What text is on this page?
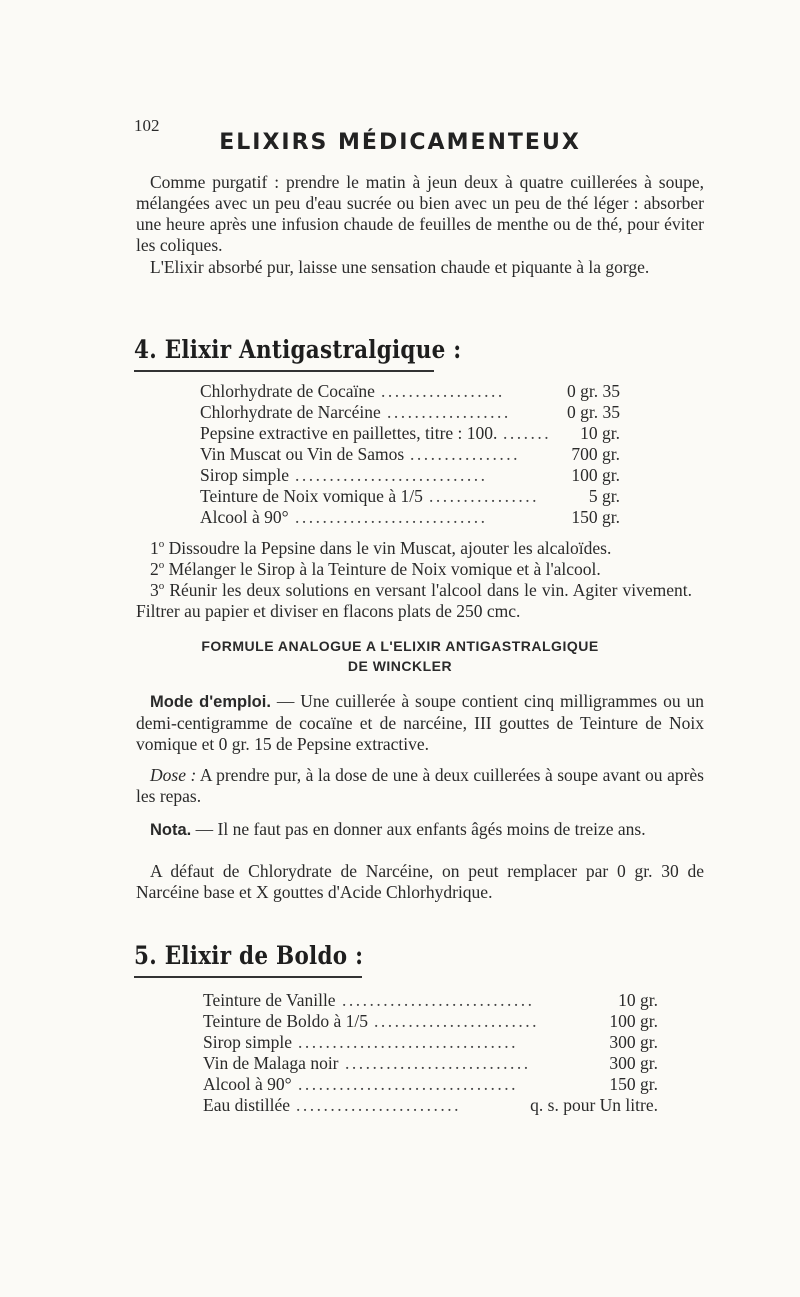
102
ELIXIRS MÉDICAMENTEUX

Comme purgatif : prendre le matin à jeun deux à quatre cuillerées à soupe, mélangées avec un peu d'eau sucrée ou bien avec un peu de thé léger : absorber une heure après une infusion chaude de feuilles de menthe ou de thé, pour éviter les coliques.

L'Elixir absorbé pur, laisse une sensation chaude et piquante à la gorge.

4. Elixir Antigastralgique :
Chlorhydrate de Cocaïne ..................	0 gr. 35
Chlorhydrate de Narcéine ..................	0 gr. 35
Pepsine extractive en paillettes, titre : 100. ....... 10 gr.
Vin Muscat ou Vin de Samos ................	700 gr.
Sirop simple ............................	100 gr.
Teinture de Noix vomique à 1/5 ................	5 gr.
Alcool à 90° ............................	150 gr.
1$^o$ Dissoudre la Pepsine dans le vin Muscat, ajouter les alcaloïdes.
2$^o$ Mélanger le Sirop à la Teinture de Noix vomique et à l'alcool.
3$^o$ Réunir les deux solutions en versant l'alcool dans le vin. Agiter vivement. Filtrer au papier et diviser en flacons plats de 250 cmc.
FORMULE ANALOGUE A L'ELIXIR ANTIGASTRALGIQUE
DE WINCKLER

Mode d'emploi. — Une cuillerée à soupe contient cinq milligrammes ou un demi-centigramme de cocaïne et de narcéine, III gouttes de Teinture de Noix vomique et 0 gr. 15 de Pepsine extractive.

Dose : A prendre pur, à la dose de une à deux cuillerées à soupe avant ou après les repas.

Nota. — Il ne faut pas en donner aux enfants âgés moins de treize ans.

A défaut de Chlorydrate de Narcéine, on peut remplacer par 0 gr. 30 de Narcéine base et X gouttes d'Acide Chlorhydrique.

5. Elixir de Boldo :
Teinture de Vanille ............................	10 gr.
Teinture de Boldo à 1/5 ........................	100 gr.
Sirop simple ................................	300 gr.
Vin de Malaga noir ...........................	300 gr.
Alcool à 90° ................................	150 gr.
Eau distillée ........................	q. s. pour Un litre.
